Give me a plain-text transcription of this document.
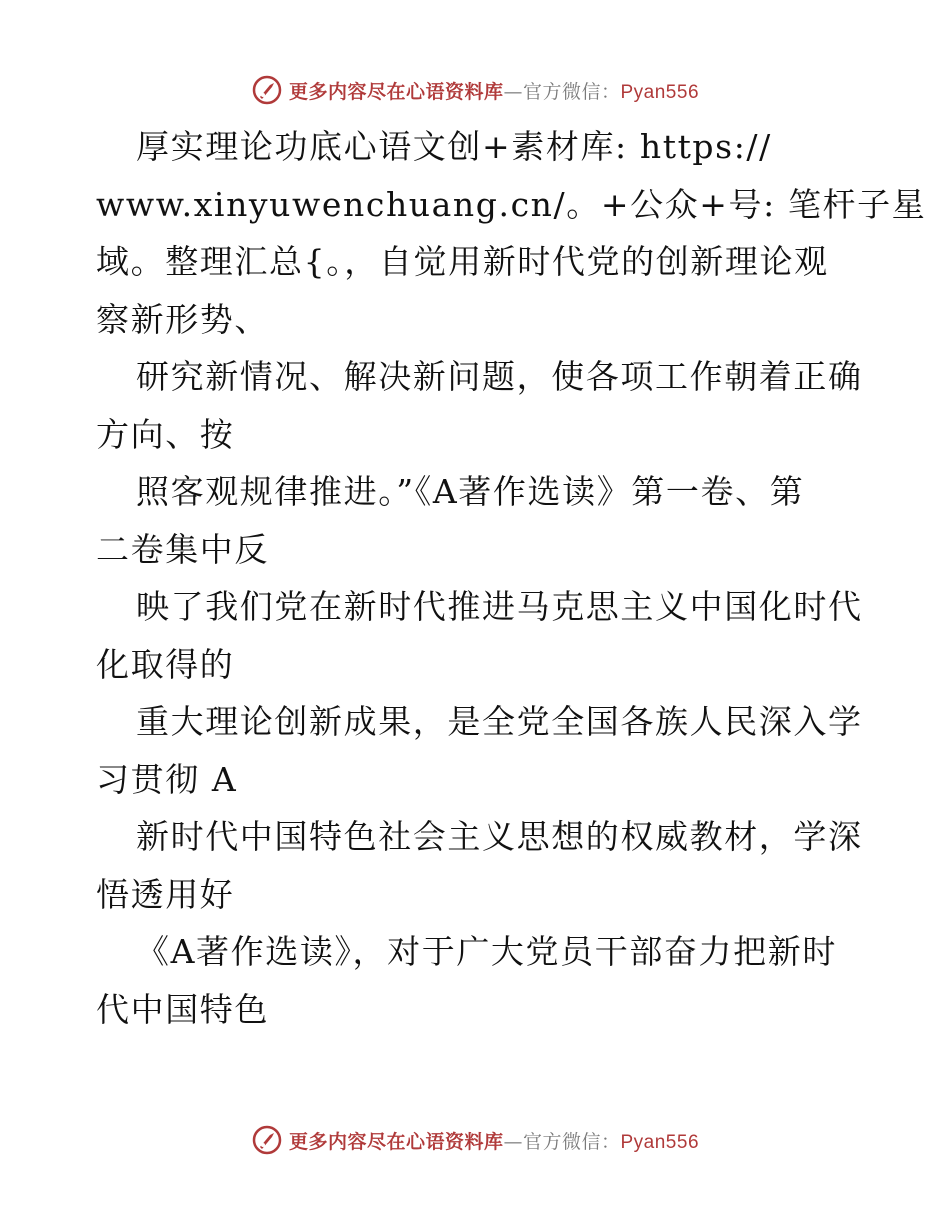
更多内容尽在心语资料库—官方微信：Pyan556
厚实理论功底心语文创+素材库: https://
www.xinyuwenchuang.cn/。+公众+号: 笔杆子星
域。整理汇总{。，自觉用新时代党的创新理论观
察新形势、
研究新情况、解决新问题，使各项工作朝着正确
方向、按
照客观规律推进。”《A著作选读》第一卷、第
二卷集中反
映了我们党在新时代推进马克思主义中国化时代
化取得的
重大理论创新成果，是全党全国各族人民深入学
习贯彻 A
新时代中国特色社会主义思想的权威教材，学深
悟透用好
《A著作选读》，对于广大党员干部奋力把新时
代中国特色
更多内容尽在心语资料库—官方微信：Pyan556
